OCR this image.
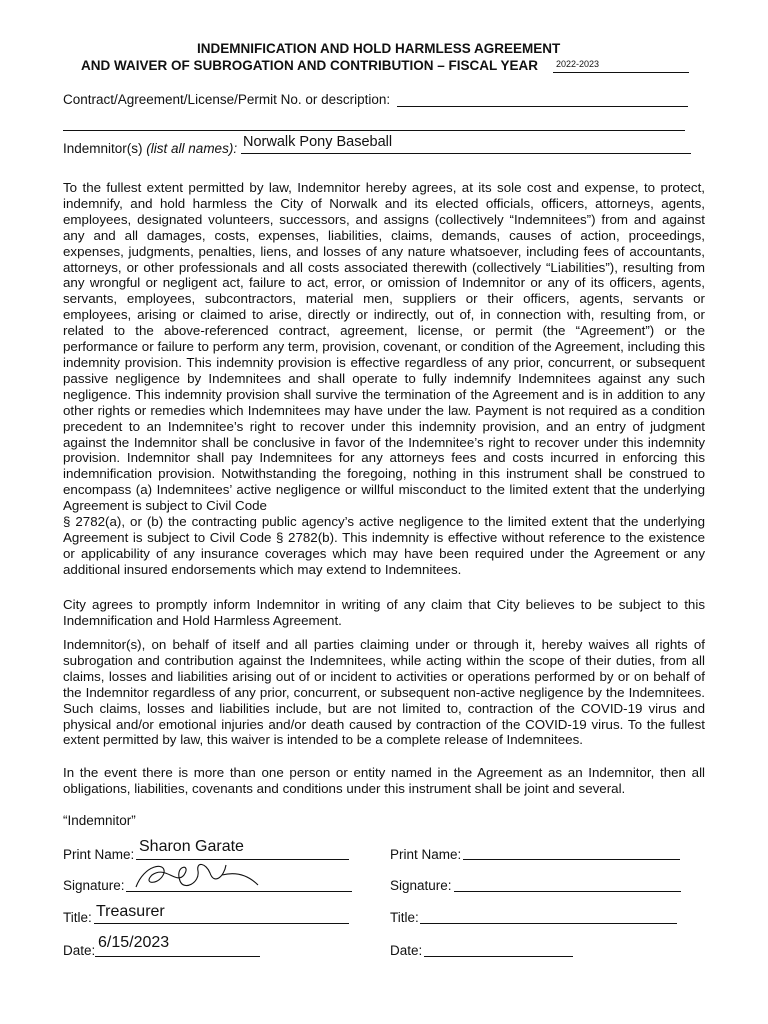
INDEMNIFICATION AND HOLD HARMLESS AGREEMENT
AND WAIVER OF SUBROGATION AND CONTRIBUTION – FISCAL YEAR 2022-2023
Contract/Agreement/License/Permit No. or description:
Indemnitor(s) (list all names): Norwalk Pony Baseball

To the fullest extent permitted by law, Indemnitor hereby agrees, at its sole cost and expense, to protect, indemnify, and hold harmless the City of Norwalk and its elected officials, officers, attorneys, agents, employees, designated volunteers, successors, and assigns (collectively “Indemnitees”) from and against any and all damages, costs, expenses, liabilities, claims, demands, causes of action, proceedings, expenses, judgments, penalties, liens, and losses of any nature whatsoever, including fees of accountants, attorneys, or other professionals and all costs associated therewith (collectively “Liabilities”), resulting from any wrongful or negligent act, failure to act, error, or omission of Indemnitor or any of its officers, agents, servants, employees, subcontractors, material men, suppliers or their officers, agents, servants or employees, arising or claimed to arise, directly or indirectly, out of, in connection with, resulting from, or related to the above-referenced contract, agreement, license, or permit (the “Agreement”) or the performance or failure to perform any term, provision, covenant, or condition of the Agreement, including this indemnity provision. This indemnity provision is effective regardless of any prior, concurrent, or subsequent passive negligence by Indemnitees and shall operate to fully indemnify Indemnitees against any such negligence. This indemnity provision shall survive the termination of the Agreement and is in addition to any other rights or remedies which Indemnitees may have under the law. Payment is not required as a condition precedent to an Indemnitee’s right to recover under this indemnity provision, and an entry of judgment against the Indemnitor shall be conclusive in favor of the Indemnitee’s right to recover under this indemnity provision. Indemnitor shall pay Indemnitees for any attorneys fees and costs incurred in enforcing this indemnification provision. Notwithstanding the foregoing, nothing in this instrument shall be construed to encompass (a) Indemnitees’ active negligence or willful misconduct to the limited extent that the underlying Agreement is subject to Civil Code
§ 2782(a), or (b) the contracting public agency’s active negligence to the limited extent that the underlying Agreement is subject to Civil Code § 2782(b). This indemnity is effective without reference to the existence or applicability of any insurance coverages which may have been required under the Agreement or any additional insured endorsements which may extend to Indemnitees.

City agrees to promptly inform Indemnitor in writing of any claim that City believes to be subject to this Indemnification and Hold Harmless Agreement.

Indemnitor(s), on behalf of itself and all parties claiming under or through it, hereby waives all rights of subrogation and contribution against the Indemnitees, while acting within the scope of their duties, from all claims, losses and liabilities arising out of or incident to activities or operations performed by or on behalf of the Indemnitor regardless of any prior, concurrent, or subsequent non-active negligence by the Indemnitees. Such claims, losses and liabilities include, but are not limited to, contraction of the COVID-19 virus and physical and/or emotional injuries and/or death caused by contraction of the COVID-19 virus. To the fullest extent permitted by law, this waiver is intended to be a complete release of Indemnitees.

In the event there is more than one person or entity named in the Agreement as an Indemnitor, then all obligations, liabilities, covenants and conditions under this instrument shall be joint and several.

“Indemnitor”
Print Name: Sharon Garate
Signature:
Title: Treasurer
Date: 6/15/2023
Print Name:
Signature:
Title:
Date:
